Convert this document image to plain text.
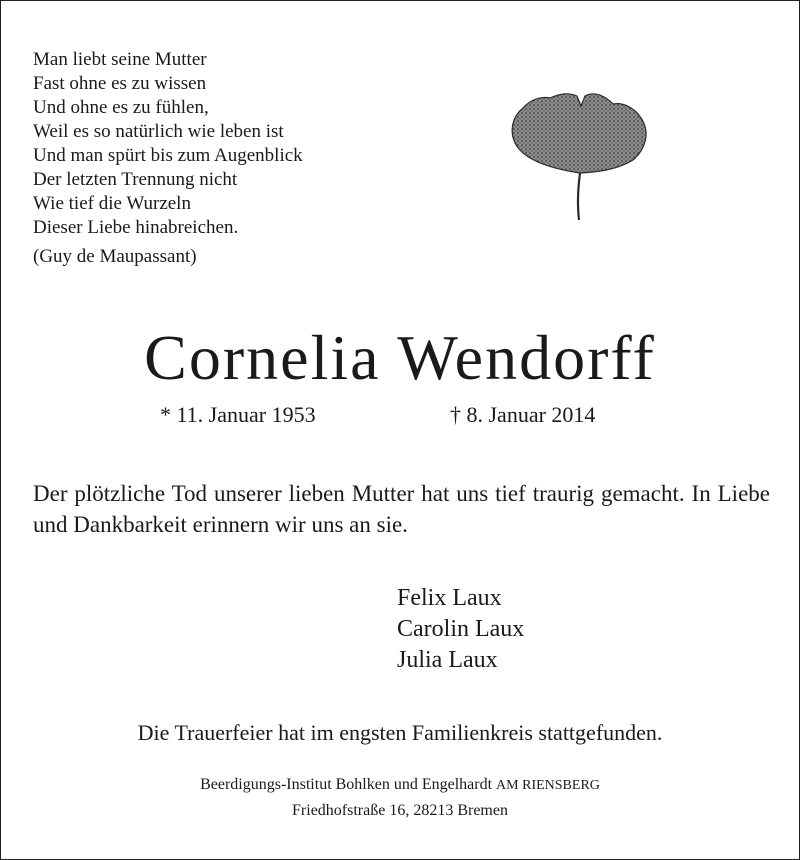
Man liebt seine Mutter
Fast ohne es zu wissen
Und ohne es zu fühlen,
Weil es so natürlich wie leben ist
Und man spürt bis zum Augenblick
Der letzten Trennung nicht
Wie tief die Wurzeln
Dieser Liebe hinabreichen.
(Guy de Maupassant)
Cornelia Wendorff
* 11. Januar 1953	† 8. Januar 2014
Der plötzliche Tod unserer lieben Mutter hat uns tief traurig gemacht. In Liebe und Dankbarkeit erinnern wir uns an sie.
Felix Laux
Carolin Laux
Julia Laux
Die Trauerfeier hat im engsten Familienkreis stattgefunden.
Beerdigungs-Institut Bohlken und Engelhardt AM RIENSBERG
Friedhofstraße 16, 28213 Bremen
